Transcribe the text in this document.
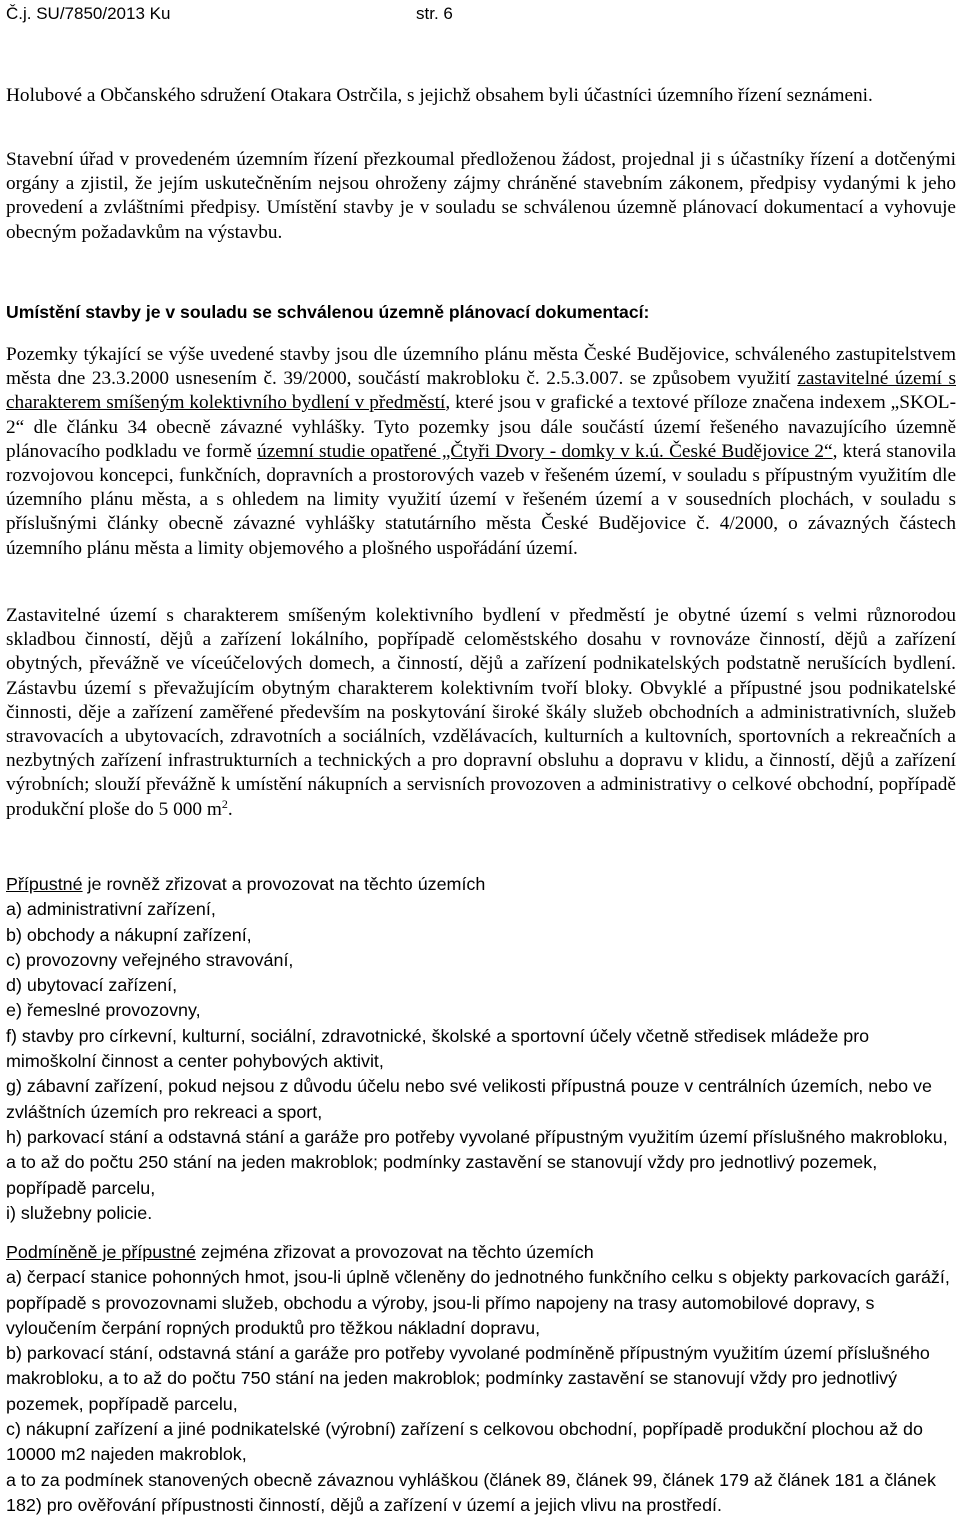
Č.j. SU/7850/2013 Ku	str. 6
Holubové a Občanského sdružení Otakara Ostrčila, s jejichž obsahem byli účastníci územního řízení seznámeni.
Stavební úřad v provedeném územním řízení přezkoumal předloženou žádost, projednal ji s účastníky řízení a dotčenými orgány a zjistil, že jejím uskutečněním nejsou ohroženy zájmy chráněné stavebním zákonem, předpisy vydanými k jeho provedení a zvláštními předpisy. Umístění stavby je v souladu se schválenou územně plánovací dokumentací a vyhovuje obecným požadavkům na výstavbu.
Umístění stavby je v souladu se schválenou územně plánovací dokumentací:
Pozemky týkající se výše uvedené stavby jsou dle územního plánu města České Budějovice, schváleného zastupitelstvem města dne 23.3.2000 usnesením č. 39/2000, součástí makrobloku č. 2.5.3.007. se způsobem využití zastavitelné území s charakterem smíšeným kolektivního bydlení v předměstí, které jsou v grafické a textové příloze značena indexem „SKOL-2“ dle článku 34 obecně závazné vyhlášky. Tyto pozemky jsou dále součástí území řešeného navazujícího územně plánovacího podkladu ve formě územní studie opatřené „Čtyři Dvory - domky v k.ú. České Budějovice 2“, která stanovila rozvojovou koncepci, funkčních, dopravních a prostorových vazeb v řešeném území, v souladu s přípustným využitím dle územního plánu města, a s ohledem na limity využití území v řešeném území a v sousedních plochách, v souladu s příslušnými články obecně závazné vyhlášky statutárního města České Budějovice č. 4/2000, o závazných částech územního plánu města a limity objemového a plošného uspořádání území.
Zastavitelné území s charakterem smíšeným kolektivního bydlení v předměstí je obytné území s velmi různorodou skladbou činností, dějů a zařízení lokálního, popřípadě celoměstského dosahu v rovnováze činností, dějů a zařízení obytných, převážně ve víceúčelových domech, a činností, dějů a zařízení podnikatelských podstatně nerušících bydlení. Zástavbu území s převažujícím obytným charakterem kolektivním tvoří bloky. Obvyklé a přípustné jsou podnikatelské činnosti, děje a zařízení zaměřené především na poskytování široké škály služeb obchodních a administrativních, služeb stravovacích a ubytovacích, zdravotních a sociálních, vzdělávacích, kulturních a kultovních, sportovních a rekreačních a nezbytných zařízení infrastrukturních a technických a pro dopravní obsluhu a dopravu v klidu, a činností, dějů a zařízení výrobních; slouží převážně k umístění nákupních a servisních provozoven a administrativy o celkové obchodní, popřípadě produkční ploše do 5 000 $m^2$.

Přípustné je rovněž zřizovat a provozovat na těchto územích

a) administrativní zařízení,

b) obchody a nákupní zařízení,

c) provozovny veřejného stravování,

d) ubytovací zařízení,

e) řemeslné provozovny,

f) stavby pro církevní, kulturní, sociální, zdravotnické, školské a sportovní účely včetně středisek mládeže pro mimoškolní činnost a center pohybových aktivit,

g) zábavní zařízení, pokud nejsou z důvodu účelu nebo své velikosti přípustná pouze v centrálních územích, nebo ve zvláštních územích pro rekreaci a sport,

h) parkovací stání a odstavná stání a garáže pro potřeby vyvolané přípustným využitím území příslušného makrobloku, a to až do počtu 250 stání na jeden makroblok; podmínky zastavění se stanovují vždy pro jednotlivý pozemek, popřípadě parcelu,

i) služebny policie.

Podmíněně je přípustné zejména zřizovat a provozovat na těchto územích

a) čerpací stanice pohonných hmot, jsou-li úplně včleněny do jednotného funkčního celku s objekty parkovacích garáží, popřípadě s provozovnami služeb, obchodu a výroby, jsou-li přímo napojeny na trasy automobilové dopravy, s vyloučením čerpání ropných produktů pro těžkou nákladní dopravu,

b) parkovací stání, odstavná stání a garáže pro potřeby vyvolané podmíněně přípustným využitím území příslušného makrobloku, a to až do počtu 750 stání na jeden makroblok; podmínky zastavění se stanovují vždy pro jednotlivý pozemek, popřípadě parcelu,

c) nákupní zařízení a jiné podnikatelské (výrobní) zařízení s celkovou obchodní, popřípadě produkční plochou až do 10000 m2 najeden makroblok,

a to za podmínek stanovených obecně závaznou vyhláškou (článek 89, článek 99, článek 179 až článek 181 a článek 182) pro ověřování přípustnosti činností, dějů a zařízení v území a jejich vlivu na prostředí.
